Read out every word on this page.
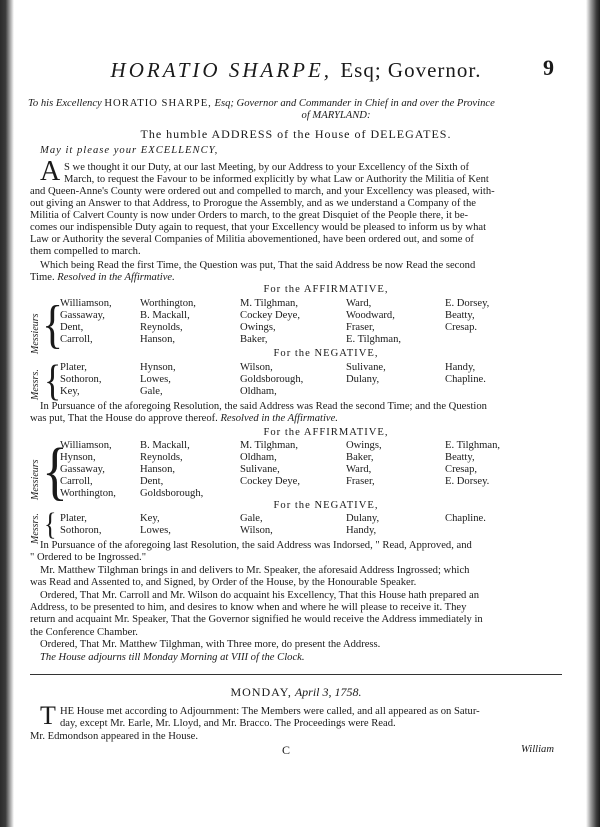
HORATIO SHARPE, Esq; Governor.	9
To his Excellency HORATIO SHARPE, Esq; Governor and Commander in Chief in and over the Province
of MARYLAND:
The humble ADDRESS of the House of DELEGATES.
May it please your EXCELLENCY,
A S we thought it our Duty, at our last Meeting, by our Address to your Excellency of the Sixth of
March, to request the Favour to be informed explicitly by what Law or Authority the Militia of Kent
and Queen-Anne's County were ordered out and compelled to march, and your Excellency was pleased, with-
out giving an Answer to that Address, to Prorogue the Assembly, and as we understand a Company of the
Militia of Calvert County is now under Orders to march, to the great Disquiet of the People there, it be-
comes our indispensible Duty again to request, that your Excellency would be pleased to inform us by what
Law or Authority the several Companies of Militia abovementioned, have been ordered out, and some of
them compelled to march.
Which being Read the first Time, the Question was put, That the said Address be now Read the second
Time. Resolved in the Affirmative.
For the AFFIRMATIVE,
Messieurs {
Williamson,	Worthington,	M. Tilghman,	Ward,	E. Dorsey,
Gassaway,	B. Mackall,	Cockey Deye,	Woodward,	Beatty,
Dent,	Reynolds,	Owings,	Fraser,	Cresap.
Carroll,	Hanson,	Baker,	E. Tilghman,
For the NEGATIVE,
Messrs. {
Plater,	Hynson,	Wilson,	Sulivane,	Handy,
Sothoron,	Lowes,	Goldsborough,	Dulany,	Chapline.
Key,	Gale,	Oldham,
In Pursuance of the aforegoing Resolution, the said Address was Read the second Time; and the Question
was put, That the House do approve thereof. Resolved in the Affirmative.
For the AFFIRMATIVE,
Messieurs {
Williamson,	B. Mackall,	M. Tilghman,	Owings,	E. Tilghman,
Hynson,	Reynolds,	Oldham,	Baker,	Beatty,
Gassaway,	Hanson,	Sulivane,	Ward,	Cresap,
Carroll,	Dent,	Cockey Deye,	Fraser,	E. Dorsey.
Worthington, Goldsborough,
For the NEGATIVE,
Messrs. { Plater,	Key,	Gale,	Dulany,	Chapline.
Sothoron,	Lowes,	Wilson,	Handy,
In Pursuance of the aforegoing last Resolution, the said Address was Indorsed, " Read, Approved, and
" Ordered to be Ingrossed."
Mr. Matthew Tilghman brings in and delivers to Mr. Speaker, the aforesaid Address Ingrossed; which
was Read and Assented to, and Signed, by Order of the House, by the Honourable Speaker.
Ordered, That Mr. Carroll and Mr. Wilson do acquaint his Excellency, That this House hath prepared an
Address, to be presented to him, and desires to know when and where he will please to receive it. They
return and acquaint Mr. Speaker, That the Governor signified he would receive the Address immediately in
the Conference Chamber.
Ordered, That Mr. Matthew Tilghman, with Three more, do present the Address.
The House adjourns till Monday Morning at VIII of the Clock.
MONDAY, April 3, 1758.
T HE House met according to Adjournment: The Members were called, and all appeared as on Satur-
day, except Mr. Earle, Mr. Lloyd, and Mr. Bracco. The Proceedings were Read.
Mr. Edmondson appeared in the House.
C	William
